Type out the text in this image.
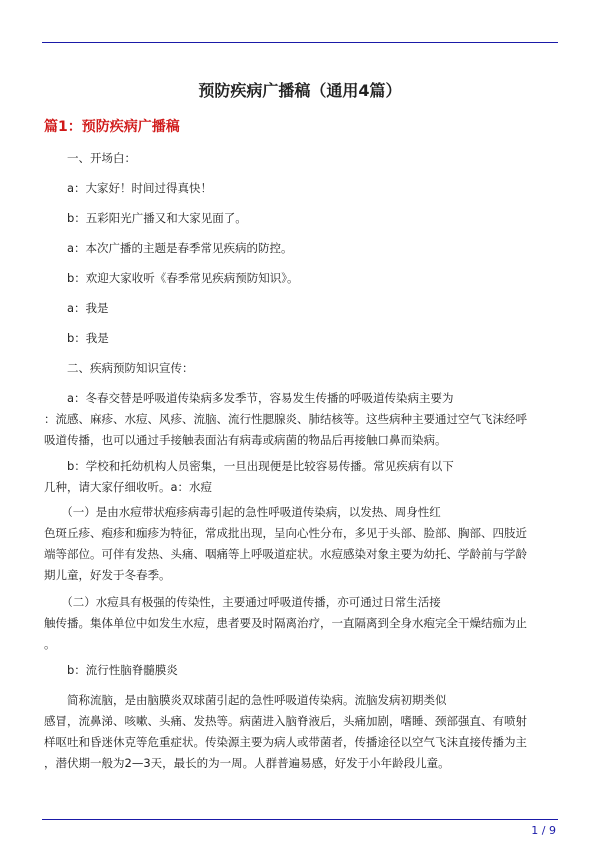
预防疾病广播稿（通用4篇）
篇1：预防疾病广播稿
　　一、开场白：
　　a：大家好！时间过得真快！
　　b：五彩阳光广播又和大家见面了。
　　a：本次广播的主题是春季常见疾病的防控。
　　b：欢迎大家收听《春季常见疾病预防知识》。
　　a：我是
　　b：我是
　　二、疾病预防知识宣传：
　　a：冬春交替是呼吸道传染病多发季节，容易发生传播的呼吸道传染病主要为
：流感、麻疹、水痘、风疹、流脑、流行性腮腺炎、肺结核等。这些病种主要通过空气飞沫经呼
吸道传播，也可以通过手接触表面沾有病毒或病菌的物品后再接触口鼻而染病。
　　b：学校和托幼机构人员密集，一旦出现便是比较容易传播。常见疾病有以下
几种，请大家仔细收听。a：水痘
　　（一）是由水痘带状疱疹病毒引起的急性呼吸道传染病，以发热、周身性红
色斑丘疹、疱疹和痂疹为特征，常成批出现，呈向心性分布，多见于头部、脸部、胸部、四肢近
端等部位。可伴有发热、头痛、咽痛等上呼吸道症状。水痘感染对象主要为幼托、学龄前与学龄
期儿童，好发于冬春季。
　　（二）水痘具有极强的传染性，主要通过呼吸道传播，亦可通过日常生活接
触传播。集体单位中如发生水痘，患者要及时隔离治疗，一直隔离到全身水疱完全干燥结痂为止
。
　　b：流行性脑脊髓膜炎
　　简称流脑，是由脑膜炎双球菌引起的急性呼吸道传染病。流脑发病初期类似
感冒，流鼻涕、咳嗽、头痛、发热等。病菌进入脑脊液后，头痛加剧，嗜睡、颈部强直、有喷射
样呕吐和昏迷休克等危重症状。传染源主要为病人或带菌者，传播途径以空气飞沫直接传播为主
，潜伏期一般为2—3天，最长的为一周。人群普遍易感，好发于小年龄段儿童。
1 / 9
